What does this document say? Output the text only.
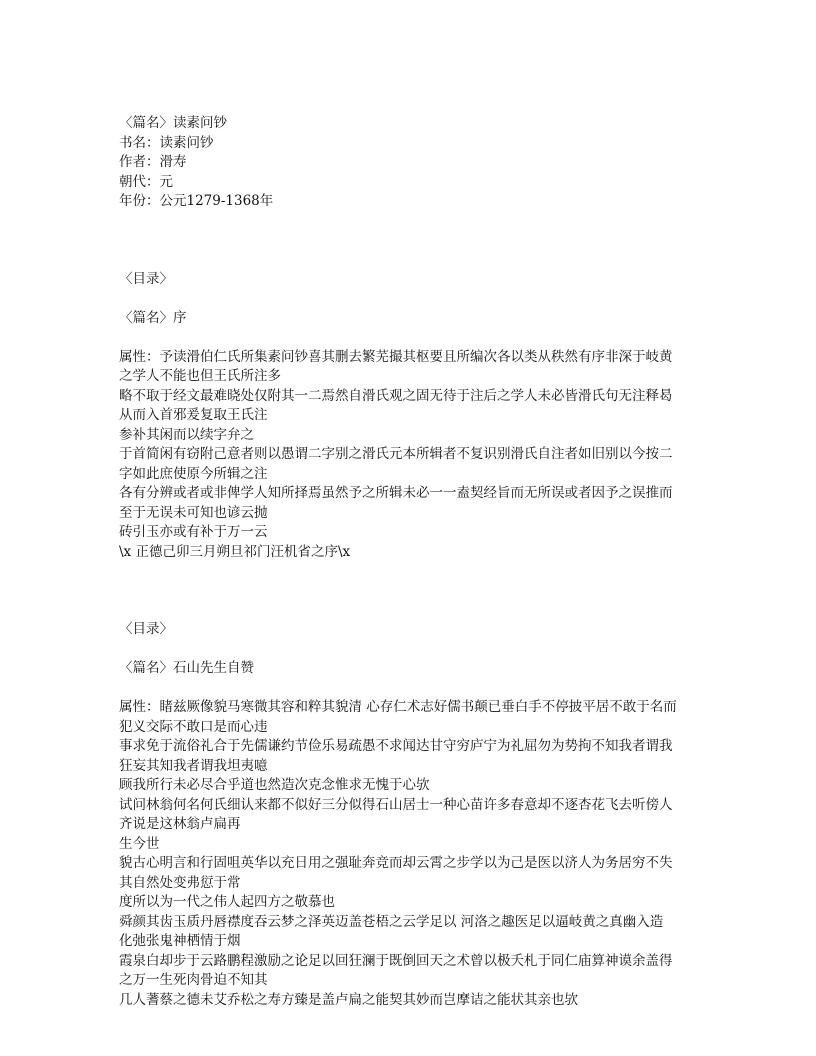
〈篇名〉读素问钞
书名：读素问钞
作者：滑寿
朝代：元
年份：公元1279-1368年
〈目录〉
〈篇名〉序
属性：予读滑伯仁氏所集素问钞喜其删去繁芜撮其枢要且所编次各以类从秩然有序非深于岐黄
之学人不能也但王氏所注多
略不取于经文最难晓处仅附其一二焉然自滑氏观之固无待于注后之学人未必皆滑氏句无注释曷
从而入首邪爰复取王氏注
参补其闲而以续字弁之
于首简闲有窃附己意者则以愚谓二字别之滑氏元本所辑者不复识别滑氏自注者如旧别以今按二
字如此庶使原今所辑之注
各有分辨或者或非俾学人知所择焉虽然予之所辑未必一一盍契经旨而无所误或者因予之误推而
至于无误未可知也谚云抛
砖引玉亦或有补于万一云
\x 正德己卯三月朔旦祁门汪机省之序\x
〈目录〉
〈篇名〉石山先生自赞
属性：睹兹厥像貌马寒微其容和粹其貌清 心存仁术志好儒书颠已垂白手不停披平居不敢于名而
犯义交际不敢口是而心违
事求免于流俗礼合于先儒谦约节俭乐易疏愚不求闻达甘守穷庐宁为礼屈勿为势拘不知我者谓我
狂妄其知我者谓我坦夷噫
顾我所行未必尽合乎道也然造次克念惟求无愧于心欤
试问林翁何名何氏细认来都不似好三分似得石山居士一种心苗许多春意却不逐杏花飞去听傍人
齐说是这林翁卢扁再
生今世
貌古心明言和行固咀英华以充日用之强耻奔竞而却云霄之步学以为己是医以济人为务居穷不失
其自然处变弗愆于常
度所以为一代之伟人起四方之敬慕也
舜颜其齿玉质丹唇襟度吞云梦之泽英迈盖苍梧之云学足以 河洛之趣医足以逼岐黄之真幽入造
化弛张鬼神栖情于烟
霞泉白却步于云路鹏程激励之论足以回狂澜于既倒回天之术曾以极夭札于同仁庙算神谟余盖得
之万一生死肉骨迫不知其
几人蓍蔡之德未艾乔松之寿方臻是盖卢扁之能契其妙而岂摩诘之能状其亲也欤
